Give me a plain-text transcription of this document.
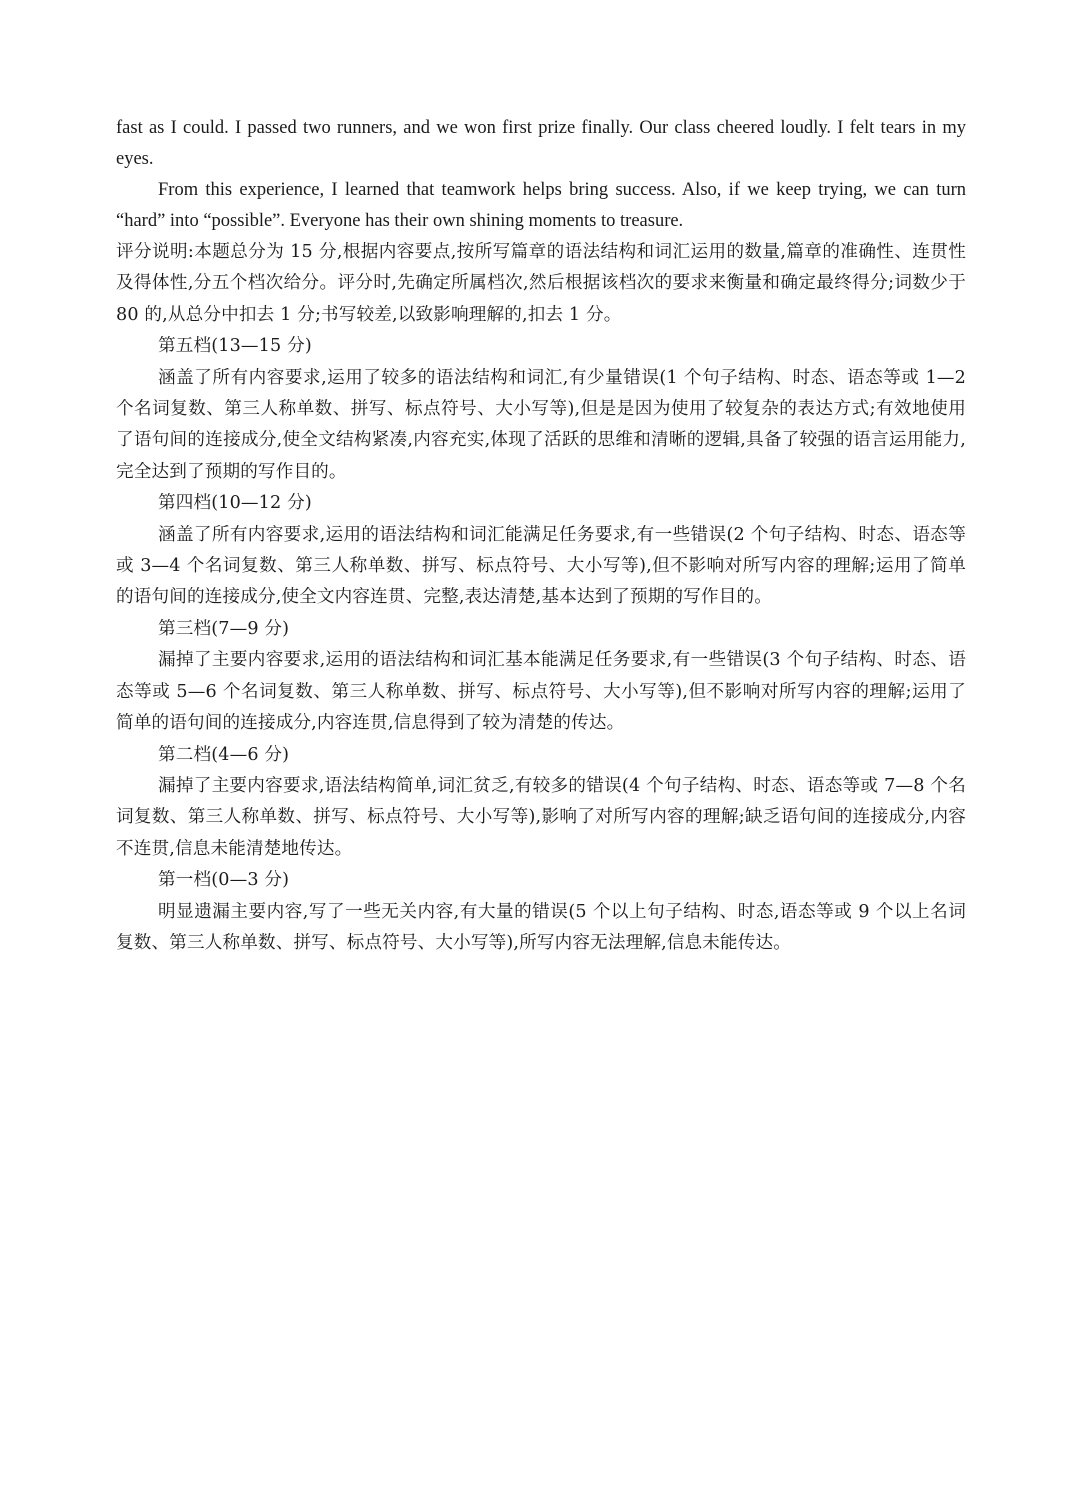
fast as I could. I passed two runners, and we won first prize finally. Our class cheered loudly. I felt tears in my eyes.

From this experience, I learned that teamwork helps bring success. Also, if we keep trying, we can turn “hard” into “possible”. Everyone has their own shining moments to treasure.

评分说明:本题总分为 15 分,根据内容要点,按所写篇章的语法结构和词汇运用的数量,篇章的准确性、连贯性及得体性,分五个档次给分。评分时,先确定所属档次,然后根据该档次的要求来衡量和确定最终得分;词数少于 80 的,从总分中扣去 1 分;书写较差,以致影响理解的,扣去 1 分。

第五档(13—15 分)

涵盖了所有内容要求,运用了较多的语法结构和词汇,有少量错误(1 个句子结构、时态、语态等或 1—2 个名词复数、第三人称单数、拼写、标点符号、大小写等),但是是因为使用了较复杂的表达方式;有效地使用了语句间的连接成分,使全文结构紧凑,内容充实,体现了活跃的思维和清晰的逻辑,具备了较强的语言运用能力,完全达到了预期的写作目的。

第四档(10—12 分)

涵盖了所有内容要求,运用的语法结构和词汇能满足任务要求,有一些错误(2 个句子结构、时态、语态等或 3—4 个名词复数、第三人称单数、拼写、标点符号、大小写等),但不影响对所写内容的理解;运用了简单的语句间的连接成分,使全文内容连贯、完整,表达清楚,基本达到了预期的写作目的。

第三档(7—9 分)

漏掉了主要内容要求,运用的语法结构和词汇基本能满足任务要求,有一些错误(3 个句子结构、时态、语态等或 5—6 个名词复数、第三人称单数、拼写、标点符号、大小写等),但不影响对所写内容的理解;运用了简单的语句间的连接成分,内容连贯,信息得到了较为清楚的传达。

第二档(4—6 分)

漏掉了主要内容要求,语法结构简单,词汇贫乏,有较多的错误(4 个句子结构、时态、语态等或 7—8 个名词复数、第三人称单数、拼写、标点符号、大小写等),影响了对所写内容的理解;缺乏语句间的连接成分,内容不连贯,信息未能清楚地传达。

第一档(0—3 分)

明显遗漏主要内容,写了一些无关内容,有大量的错误(5 个以上句子结构、时态,语态等或 9 个以上名词复数、第三人称单数、拼写、标点符号、大小写等),所写内容无法理解,信息未能传达。
